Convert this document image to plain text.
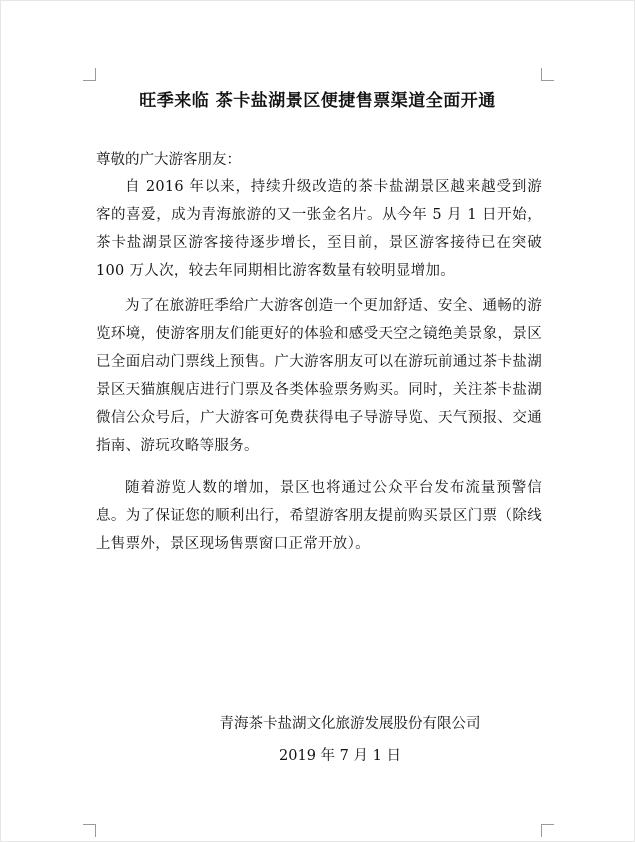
旺季来临 茶卡盐湖景区便捷售票渠道全面开通
尊敬的广大游客朋友：

自 2016 年以来，持续升级改造的茶卡盐湖景区越来越受到游客的喜爱，成为青海旅游的又一张金名片。从今年 5 月 1 日开始，茶卡盐湖景区游客接待逐步增长，至目前，景区游客接待已在突破 100 万人次，较去年同期相比游客数量有较明显增加。

为了在旅游旺季给广大游客创造一个更加舒适、安全、通畅的游览环境，使游客朋友们能更好的体验和感受天空之镜绝美景象，景区已全面启动门票线上预售。广大游客朋友可以在游玩前通过茶卡盐湖景区天猫旗舰店进行门票及各类体验票务购买。同时，关注茶卡盐湖微信公众号后，广大游客可免费获得电子导游导览、天气预报、交通指南、游玩攻略等服务。

随着游览人数的增加，景区也将通过公众平台发布流量预警信息。为了保证您的顺利出行，希望游客朋友提前购买景区门票（除线上售票外，景区现场售票窗口正常开放）。

青海茶卡盐湖文化旅游发展股份有限公司
2019 年 7 月 1 日
